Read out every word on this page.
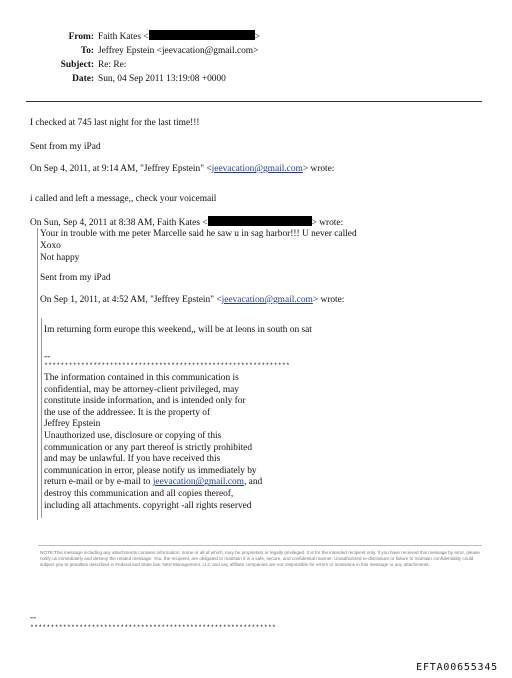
From: Faith Kates <	>
To: Jeffrey Epstein <jeevacation@gmail.com>
Subject: Re: Re:
Date: Sun, 04 Sep 2011 13:19:08 +0000
I checked at 745 last night for the last time!!!
Sent from my iPad
On Sep 4, 2011, at 9:14 AM, "Jeffrey Epstein" <jeevacation@gmail.com> wrote:
i called and left a message,, check your voicemail
On Sun, Sep 4, 2011 at 8:38 AM, Faith Kates <	> wrote:
Your in trouble with me peter Marcelle said he saw u in sag harbor!!! U never called
Xoxo
Not happy
Sent from my iPad
On Sep 1, 2011, at 4:52 AM, "Jeffrey Epstein" <jeevacation@gmail.com> wrote:
Im returning form europe this weekend,, will be at leons in south on sat
--
************************************************************
The information contained in this communication is
confidential, may be attorney-client privileged, may
constitute inside information, and is intended only for
the use of the addressee. It is the property of
Jeffrey Epstein
Unauthorized use, disclosure or copying of this
communication or any part thereof is strictly prohibited
and may be unlawful. If you have received this
communication in error, please notify us immediately by
return e-mail or by e-mail to jeevacation@gmail.com, and
destroy this communication and all copies thereof,
including all attachments. copyright -all rights reserved
NOTE:This message including any attachments contains information, some or all of which, may be proprietary or legally privileged. It is for the intended recipient only. If you have received this message by error, please notify us immediately and destroy the related message. You, the recipient, are obligated to maintain it in a safe, secure, and confidential manner. Unauthorized re-disclosure or failure to maintain confidentiality could subject you to penalties described in Federal and State law. Next Management, LLC and any affiliate companies are not responsible for errors or omissions in this message or any attachments.
--
************************************************************
EFTA00655345
